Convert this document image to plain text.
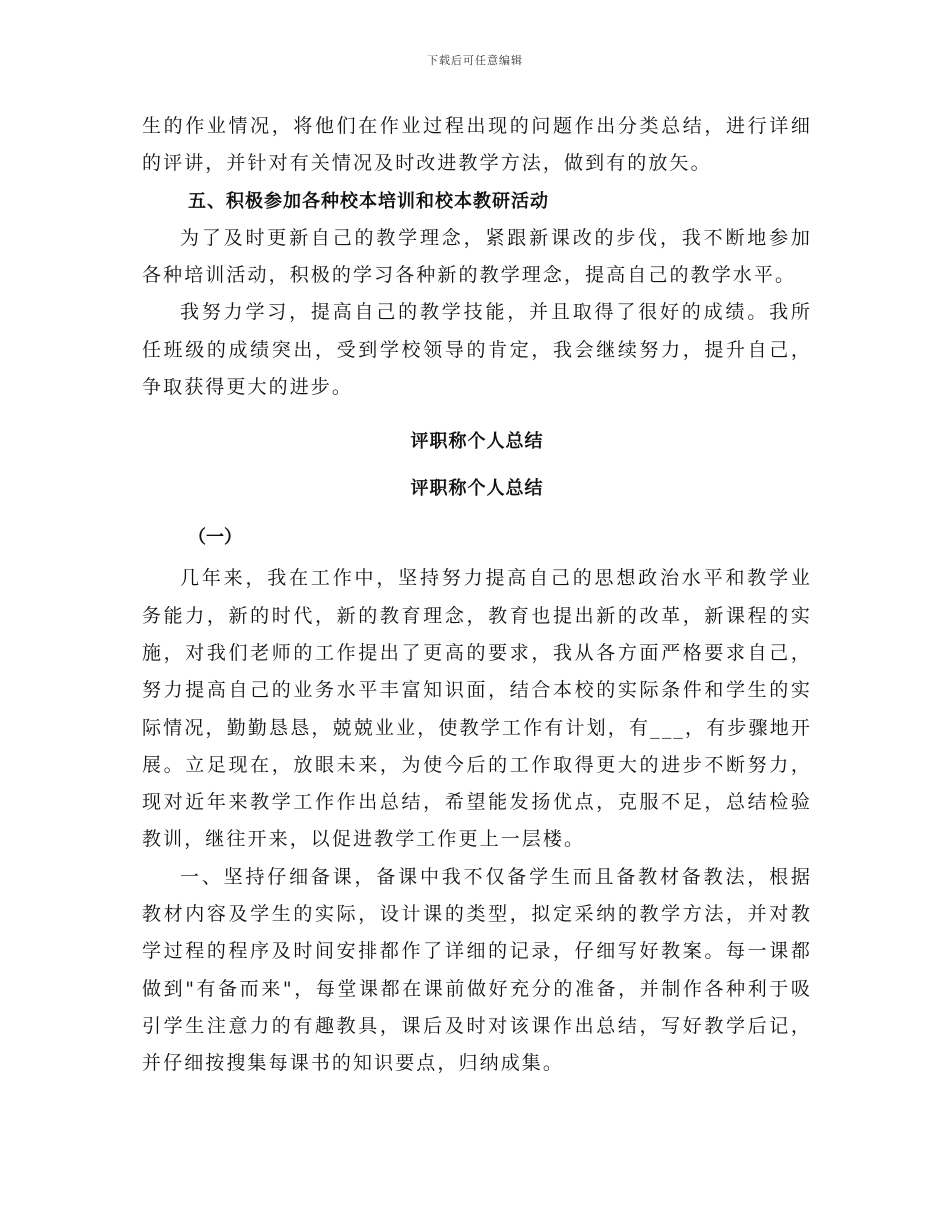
下载后可任意编辑

生的作业情况，将他们在作业过程出现的问题作出分类总结，进行详细的评讲，并针对有关情况及时改进教学方法，做到有的放矢。

五、积极参加各种校本培训和校本教研活动

为了及时更新自己的教学理念，紧跟新课改的步伐，我不断地参加各种培训活动，积极的学习各种新的教学理念，提高自己的教学水平。

我努力学习，提高自己的教学技能，并且取得了很好的成绩。我所任班级的成绩突出，受到学校领导的肯定，我会继续努力，提升自己，争取获得更大的进步。

评职称个人总结

评职称个人总结

（一）

几年来，我在工作中，坚持努力提高自己的思想政治水平和教学业务能力，新的时代，新的教育理念，教育也提出新的改革，新课程的实施，对我们老师的工作提出了更高的要求，我从各方面严格要求自己，努力提高自己的业务水平丰富知识面，结合本校的实际条件和学生的实际情况，勤勤恳恳，兢兢业业，使教学工作有计划，有___，有步骤地开展。立足现在，放眼未来，为使今后的工作取得更大的进步不断努力，现对近年来教学工作作出总结，希望能发扬优点，克服不足，总结检验教训，继往开来，以促进教学工作更上一层楼。

一、坚持仔细备课，备课中我不仅备学生而且备教材备教法，根据教材内容及学生的实际，设计课的类型，拟定采纳的教学方法，并对教学过程的程序及时间安排都作了详细的记录，仔细写好教案。每一课都做到"有备而来"，每堂课都在课前做好充分的准备，并制作各种利于吸引学生注意力的有趣教具，课后及时对该课作出总结，写好教学后记，并仔细按搜集每课书的知识要点，归纳成集。
